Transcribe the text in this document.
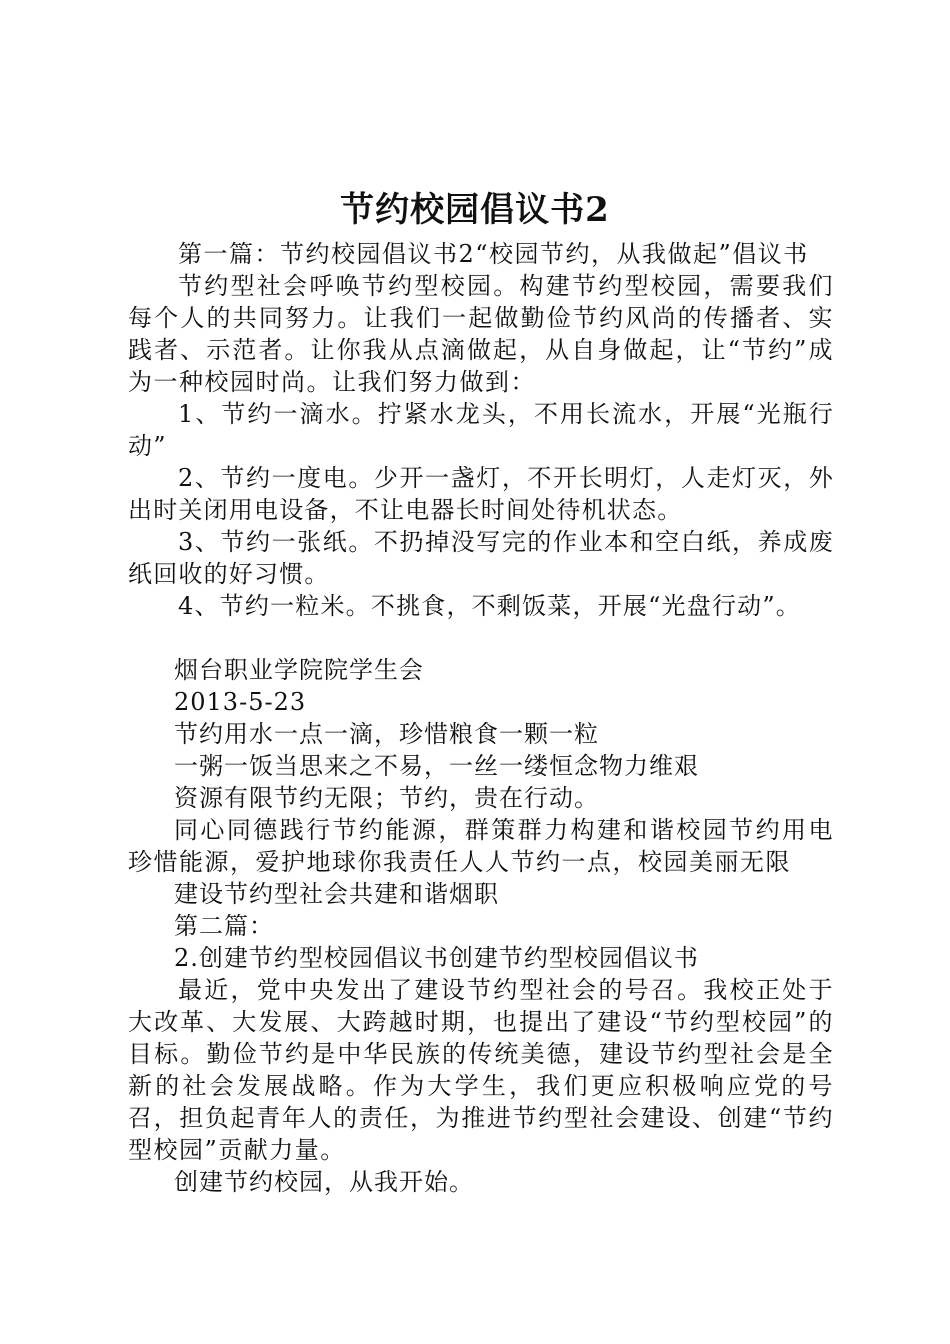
节约校园倡议书2

第一篇：节约校园倡议书2“校园节约，从我做起”倡议书

节约型社会呼唤节约型校园。构建节约型校园，需要我们每个人的共同努力。让我们一起做勤俭节约风尚的传播者、实践者、示范者。让你我从点滴做起，从自身做起，让“节约”成为一种校园时尚。让我们努力做到：

1、节约一滴水。拧紧水龙头，不用长流水，开展“光瓶行动”

2、节约一度电。少开一盏灯，不开长明灯，人走灯灭，外出时关闭用电设备，不让电器长时间处待机状态。

3、节约一张纸。不扔掉没写完的作业本和空白纸，养成废纸回收的好习惯。

4、节约一粒米。不挑食，不剩饭菜，开展“光盘行动”。

烟台职业学院院学生会

2013-5-23

节约用水一点一滴，珍惜粮食一颗一粒

一粥一饭当思来之不易，一丝一缕恒念物力维艰

资源有限节约无限；节约，贵在行动。

同心同德践行节约能源，群策群力构建和谐校园节约用电珍惜能源，爱护地球你我责任人人节约一点，校园美丽无限

建设节约型社会共建和谐烟职

第二篇：

2.创建节约型校园倡议书创建节约型校园倡议书

最近，党中央发出了建设节约型社会的号召。我校正处于大改革、大发展、大跨越时期，也提出了建设“节约型校园”的目标。勤俭节约是中华民族的传统美德，建设节约型社会是全新的社会发展战略。作为大学生，我们更应积极响应党的号召，担负起青年人的责任，为推进节约型社会建设、创建“节约型校园”贡献力量。

创建节约校园，从我开始。
